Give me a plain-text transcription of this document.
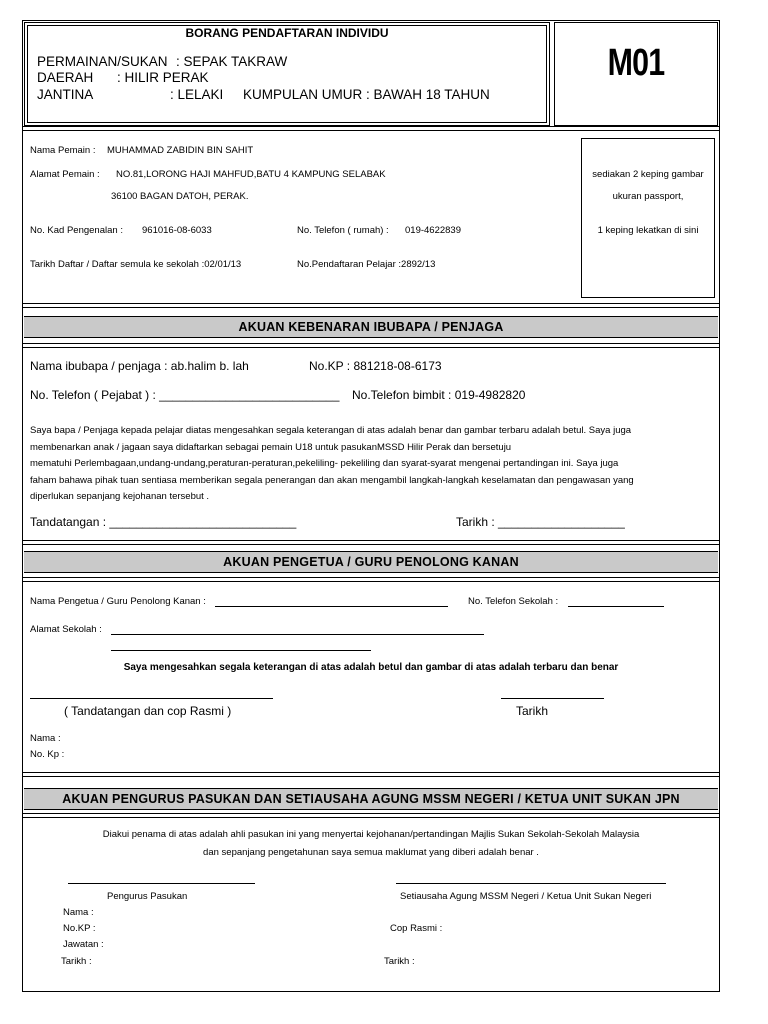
BORANG PENDAFTARAN INDIVIDU
PERMAINAN/SUKAN : SEPAK TAKRAW
DAERAH : HILIR PERAK
JANTINA	: LELAKI KUMPULAN UMUR : BAWAH 18 TAHUN
M01
Nama Pemain : MUHAMMAD ZABIDIN BIN SAHIT
Alamat Pemain : NO.81,LORONG HAJI MAHFUD,BATU 4 KAMPUNG SELABAK
36100 BAGAN DATOH, PERAK.
No. Kad Pengenalan : 961016-08-6033	No. Telefon ( rumah) : 019-4622839
Tarikh Daftar / Daftar semula ke sekolah :02/01/13	No.Pendaftaran Pelajar :2892/13
sediakan 2 keping gambar
ukuran passport,
1 keping lekatkan di sini
AKUAN KEBENARAN IBUBAPA / PENJAGA
Nama ibubapa / penjaga : ab.halim b. lah	No.KP : 881218-08-6173
No. Telefon ( Pejabat ) : ___________________________ No.Telefon bimbit : 019-4982820
Saya bapa / Penjaga kepada pelajar diatas mengesahkan segala keterangan di atas adalah benar dan gambar terbaru adalah betul. Saya juga
membenarkan anak / jagaan saya didaftarkan sebagai pemain U18 untuk pasukanMSSD Hilir Perak dan bersetuju
mematuhi Perlembagaan,undang-undang,peraturan-peraturan,pekeliling- pekeliling dan syarat-syarat mengenai pertandingan ini. Saya juga
faham bahawa pihak tuan sentiasa memberikan segala penerangan dan akan mengambil langkah-langkah keselamatan dan pengawasan yang
diperlukan sepanjang kejohanan tersebut .
Tandatangan : ____________________________	Tarikh : ___________________
AKUAN PENGETUA / GURU PENOLONG KANAN
Nama Pengetua / Guru Penolong Kanan :	No. Telefon Sekolah :
Alamat Sekolah :
Saya mengesahkan segala keterangan di atas adalah betul dan gambar di atas adalah terbaru dan benar
( Tandatangan dan cop Rasmi )	Tarikh
Nama :
No. Kp :
AKUAN PENGURUS PASUKAN DAN SETIAUSAHA AGUNG MSSM NEGERI / KETUA UNIT SUKAN JPN
Diakui penama di atas adalah ahli pasukan ini yang menyertai kejohanan/pertandingan Majlis Sukan Sekolah-Sekolah Malaysia
dan sepanjang pengetahunan saya semua maklumat yang diberi adalah benar .
Pengurus Pasukan	Setiausaha Agung MSSM Negeri / Ketua Unit Sukan Negeri
Nama :
No.KP :
Jawatan :
Tarikh :
Cop Rasmi :
Tarikh :
